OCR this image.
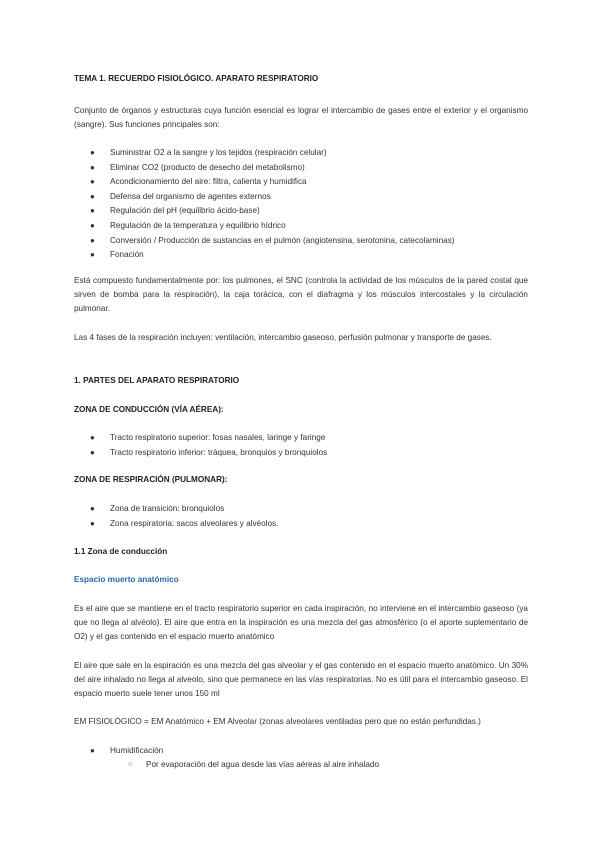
TEMA 1. RECUERDO FISIOLÓGICO. APARATO RESPIRATORIO

Conjunto de órganos y estructuras cuya función esencial es lograr el intercambio de gases entre el exterior y el organismo (sangre). Sus funciones principales son:

● Suministrar O2 a la sangre y los tejidos (respiración celular)
● Eliminar CO2 (producto de desecho del metabolismo)
● Acondicionamiento del aire: filtra, calienta y humidifica
● Defensa del organismo de agentes externos
● Regulación del pH (equilibrio ácido-base)
● Regulación de la temperatura y equilibrio hídrico
● Conversión / Producción de sustancias en el pulmón (angiotensina, serotonina, catecolaminas)
● Fonación

Está compuesto fundamentalmente por: los pulmones, el SNC (controla la actividad de los músculos de la pared costal que sirven de bomba para la respiración), la caja torácica, con el diafragma y los músculos intercostales y la circulación pulmonar.

Las 4 fases de la respiración incluyen: ventilación, intercambio gaseoso, perfusión pulmonar y transporte de gases.

1. PARTES DEL APARATO RESPIRATORIO

ZONA DE CONDUCCIÓN (VÍA AÉREA):

● Tracto respiratorio superior: fosas nasales, laringe y faringe
● Tracto respiratorio inferior: tráquea, bronquios y bronquiolos

ZONA DE RESPIRACIÓN (PULMONAR):

● Zona de transición: bronquiolos
● Zona respiratoria: sacos alveolares y alvéolos.

1.1 Zona de conducción

Espacio muerto anatómico

Es el aire que se mantiene en el tracto respiratorio superior en cada inspiración, no interviene en el intercambio gaseoso (ya que no llega al alvéolo). El aire que entra en la inspiración es una mezcla del gas atmosférico (o el aporte suplementario de O2) y el gas contenido en el espacio muerto anatómico

El aire que sale en la espiración es una mezcla del gas alveolar y el gas contenido en el espacio muerto anatómico. Un 30% del aire inhalado no llega al alveolo, sino que permanece en las vías respiratorias. No es útil para el intercambio gaseoso. El espacio muerto suele tener unos 150 ml

EM FISIOLÓGICO = EM Anatómico + EM Alveolar (zonas alveolares ventiladas pero que no están perfundidas.)

● Humidificación
○ Por evaporación del agua desde las vías aéreas al aire inhalado
